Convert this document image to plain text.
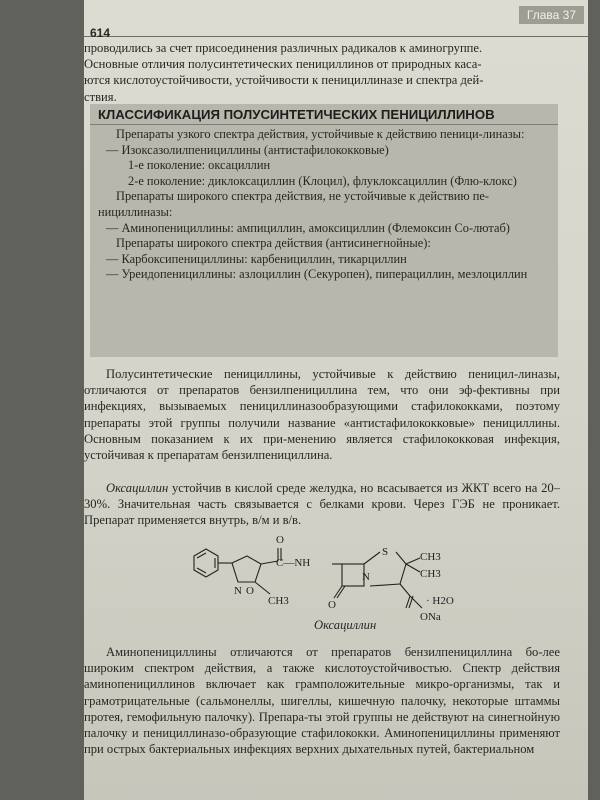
614
Глава 37

проводились за счет присоединения различных радикалов к аминогруппе.

Основные отличия полусинтетических пенициллинов от природных каса-

ются кислотоустойчивости, устойчивости к пенициллиназе и спектра дей-

ствия.

КЛАССИФИКАЦИЯ ПОЛУСИНТЕТИЧЕСКИХ ПЕНИЦИЛЛИНОВ
Препараты узкого спектра действия, устойчивые к действию пеници-линазы:
— Изоксазолилпенициллины (антистафилококковые)
1-е поколение: оксациллин
2-е поколение: диклоксациллин (Клоцил), флуклоксациллин (Флю-клокс)
Препараты широкого спектра действия, не устойчивые к действию пе-нициллиназы:
— Аминопенициллины: ампициллин, амоксициллин (Флемоксин Со-лютаб)
Препараты широкого спектра действия (антисинегнойные):
— Карбоксипенициллины: карбенициллин, тикарциллин
— Уреидопенициллины: азлоциллин (Секуропен), пиперациллин, мезлоциллин

Полусинтетические пенициллины, устойчивые к действию пеницил-линазы, отличаются от препаратов бензилпенициллина тем, что они эф-фективны при инфекциях, вызываемых пенициллиназообразующими стафилококками, поэтому препараты этой группы получили название «антистафилококковые» пенициллины. Основным показанием к их при-менению является стафилококковая инфекция, устойчивая к препаратам бензилпенициллина.

Оксациллин устойчив в кислой среде желудка, но всасывается из ЖКТ всего на 20–30%. Значительная часть связывается с белками крови. Через ГЭБ не проникает. Препарат применяется внутрь, в/м и в/в.

O
C—NH
S	CH3
CH3
N
N O
CH3	O	· H2O
ONa
Оксациллин

Аминопенициллины отличаются от препаратов бензилпенициллина бо-лее широким спектром действия, а также кислотоустойчивостью. Спектр действия аминопенициллинов включает как грамположительные микро-организмы, так и грамотрицательные (сальмонеллы, шигеллы, кишечную палочку, некоторые штаммы протея, гемофильную палочку). Препара-ты этой группы не действуют на синегнойную палочку и пенициллиназо-образующие стафилококки. Аминопенициллины применяют при острых бактериальных инфекциях верхних дыхательных путей, бактериальном
